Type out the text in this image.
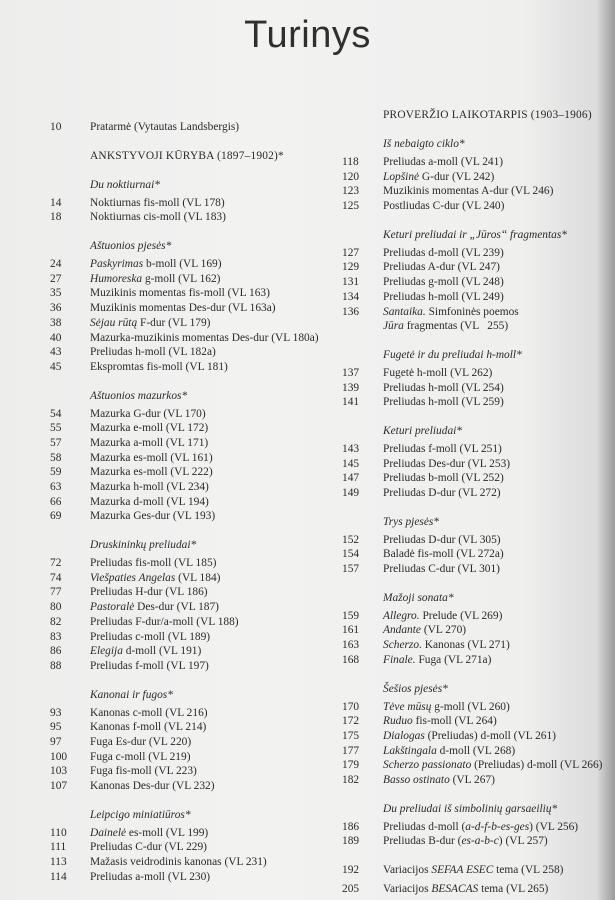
Turinys
10	Pratarmė (Vytautas Landsbergis)
ANKSTYVOJI KŪRYBA (1897–1902)*
Du noktiurnai*
14	Noktiurnas fis-moll (VL 178)
18	Noktiurnas cis-moll (VL 183)
Aštuonios pjesės*
24	Paskyrimas b-moll (VL 169)
27	Humoreska g-moll (VL 162)
35	Muzikinis momentas fis-moll (VL 163)
36	Muzikinis momentas Des-dur (VL 163a)
38	Sėjau rūtą F-dur (VL 179)
40	Mazurka-muzikinis momentas Des-dur (VL 180a)
43	Preliudas h-moll (VL 182a)
45	Ekspromtas fis-moll (VL 181)
Aštuonios mazurkos*
54	Mazurka G-dur (VL 170)
55	Mazurka e-moll (VL 172)
57	Mazurka a-moll (VL 171)
58	Mazurka es-moll (VL 161)
59	Mazurka es-moll (VL 222)
63	Mazurka h-moll (VL 234)
66	Mazurka d-moll (VL 194)
69	Mazurka Ges-dur (VL 193)
Druskininkų preliudai*
72	Preliudas fis-moll (VL 185)
74	Viešpaties Angelas (VL 184)
77	Preliudas H-dur (VL 186)
80	Pastoralė Des-dur (VL 187)
82	Preliudas F-dur/a-moll (VL 188)
83	Preliudas c-moll (VL 189)
86	Elegija d-moll (VL 191)
88	Preliudas f-moll (VL 197)
Kanonai ir fugos*
93	Kanonas c-moll (VL 216)
95	Kanonas f-moll (VL 214)
97	Fuga Es-dur (VL 220)
100	Fuga c-moll (VL 219)
103	Fuga fis-moll (VL 223)
107	Kanonas Des-dur (VL 232)
Leipcigo miniatiūros*
110	Dainelė es-moll (VL 199)
111	Preliudas C-dur (VL 229)
113	Mažasis veidrodinis kanonas (VL 231)
114	Preliudas a-moll (VL 230)
PROVERŽIO LAIKOTARPIS (1903–1906)
Iš nebaigto ciklo*
118	Preliudas a-moll (VL 241)
120	Lopšinė G-dur (VL 242)
123	Muzikinis momentas A-dur (VL 246)
125	Postliudas C-dur (VL 240)
Keturi preliudai ir „Jūros“ fragmentas*
127	Preliudas d-moll (VL 239)
129	Preliudas A-dur (VL 247)
131	Preliudas g-moll (VL 248)
134	Preliudas h-moll (VL 249)
136	Santaika. Simfoninės poemos
Jūra fragmentas (VL   255)
Fugetė ir du preliudai h-moll*
137	Fugetė h-moll (VL 262)
139	Preliudas h-moll (VL 254)
141	Preliudas h-moll (VL 259)
Keturi preliudai*
143	Preliudas f-moll (VL 251)
145	Preliudas Des-dur (VL 253)
147	Preliudas b-moll (VL 252)
149	Preliudas D-dur (VL 272)
Trys pjesės*
152	Preliudas D-dur (VL 305)
154	Baladė fis-moll (VL 272a)
157	Preliudas C-dur (VL 301)
Mažoji sonata*
159	Allegro. Prelude (VL 269)
161	Andante (VL 270)
163	Scherzo. Kanonas (VL 271)
168	Finale. Fuga (VL 271a)
Šešios pjesės*
170	Tėve mūsų g-moll (VL 260)
172	Ruduo fis-moll (VL 264)
175	Dialogas (Preliudas) d-moll (VL 261)
177	Lakštingala d-moll (VL 268)
179	Scherzo passionato (Preliudas) d-moll (VL 266)
182	Basso ostinato (VL 267)
Du preliudai iš simbolinių garsaeilių*
186	Preliudas d-moll (a-d-f-b-es-ges) (VL 256)
189	Preliudas B-dur (es-a-b-c) (VL 257)
192	Variacijos SEFAA ESEC tema (VL 258)
205	Variacijos BESACAS tema (VL 265)
